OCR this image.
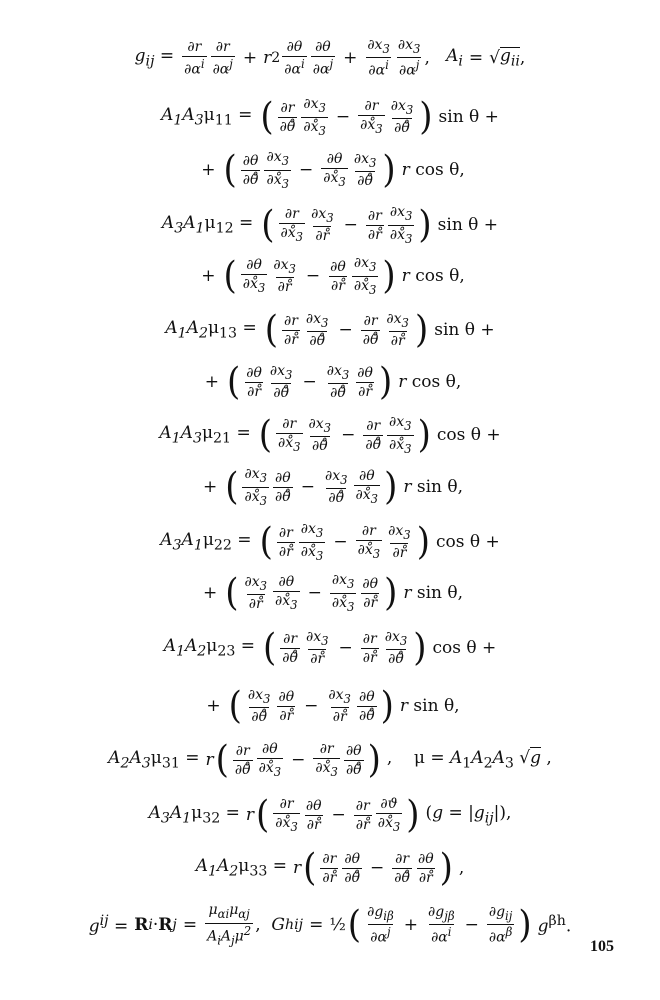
$g_{ij} = \frac{\partial r}{\partial\alpha^i} \frac{\partial r}{\partial\alpha^j} + r$ $2 \frac{\partial\theta}{\partial\alpha^i} \frac{\partial\theta}{\partial\alpha^j} + \frac{\partial x_3}{\partial\alpha^i} \frac{\partial x_3}{\partial\alpha^j}$ , $A_i$ = √ $g_{ii}$ ,
$A_1A_3\mu_{11}$ = ( $\frac{\partial r}{\partial\thetå} \frac{\partial x_3}{\partial x̊_3} - \frac{\partial r}{\partial x̊_3} \frac{\partial x_3}{\partial\thetå}$ ) sin θ +
+ ( $\frac{\partial\theta}{\partial\thetå} \frac{\partial x_3}{\partial x̊_3} - \frac{\partial\theta}{\partial x̊_3} \frac{\partial x_3}{\partial\thetå}$ ) r cos θ,
$A_3A_1\mu_{12}$ = ( $\frac{\partial r}{\partial x̊_3} \frac{\partial x_3}{\partial r̊} - \frac{\partial r}{\partial r̊} \frac{\partial x_3}{\partial x̊_3}$ ) sin θ +
+ ( $\frac{\partial\theta}{\partial x̊_3} \frac{\partial x_3}{\partial r̊} - \frac{\partial\theta}{\partial r̊} \frac{\partial x_3}{\partial x̊_3}$ ) r cos θ,
$A_1A_2\mu_{13}$ = ( $\frac{\partial r}{\partial r̊} \frac{\partial x_3}{\partial\thetå} - \frac{\partial r}{\partial\thetå} \frac{\partial x_3}{\partial r̊}$ ) sin θ +
+ ( $\frac{\partial\theta}{\partial r̊} \frac{\partial x_3}{\partial\thetå} - \frac{\partial x_3}{\partial\thetå} \frac{\partial\theta}{\partial r̊}$ ) r cos θ,
$A_1A_3\mu_{21}$ = ( $\frac{\partial r}{\partial x̊_3} \frac{\partial x_3}{\partial\thetå} - \frac{\partial r}{\partial\thetå} \frac{\partial x_3}{\partial x̊_3}$ ) cos θ +
+ ( $\frac{\partial x_3}{\partial x̊_3} \frac{\partial\theta}{\partial\thetå} - \frac{\partial x_3}{\partial\thetå} \frac{\partial\theta}{\partial x̊_3}$ ) r sin θ,
$A_3A_1\mu_{22}$ = ( $\frac{\partial r}{\partial r̊} \frac{\partial x_3}{\partial x̊_3} - \frac{\partial r}{\partial x̊_3} \frac{\partial x_3}{\partial r̊}$ ) cos θ +
+ ( $\frac{\partial x_3}{\partial r̊} \frac{\partial\theta}{\partial x̊_3} - \frac{\partial x_3}{\partial x̊_3} \frac{\partial\theta}{\partial r̊}$ ) r sin θ,
$A_1A_2\mu_{23}$ = ( $\frac{\partial r}{\partial\thetå} \frac{\partial x_3}{\partial r̊} - \frac{\partial r}{\partial r̊} \frac{\partial x_3}{\partial\thetå}$ ) cos θ +
+ ( $\frac{\partial x_3}{\partial\thetå} \frac{\partial\theta}{\partial r̊} - \frac{\partial x_3}{\partial r̊} \frac{\partial\theta}{\partial\thetå}$ ) r sin θ,
$A_2A_3\mu_{31} = r$ ( $\frac{\partial r}{\partial\thetå} \frac{\partial\theta}{\partial x̊_3} - \frac{\partial r}{\partial x̊_3} \frac{\partial\theta}{\partial\thetå}$ ) ,    $\mu = A_1A_2A_3$ √g ,
$A_3A_1\mu_{32} = r$ ( $\frac{\partial r}{\partial x̊_3} \frac{\partial\theta}{\partial r̊} - \frac{\partial r}{\partial r̊} \frac{\partial ϑ}{\partial x̊_3}$ ) $(g = |g_{ij}|)$,
$A_1A_2\mu_{33} = r$ ( $\frac{\partial r}{\partial r̊} \frac{\partial\theta}{\partial\thetå} - \frac{\partial r}{\partial\thetå} \frac{\partial\theta}{\partial r̊}$ ) ,
$g^{ij} = R$ i · R $j = \frac{\mu_{\alpha i}\mu_{\alpha j}}{A_iA_j\mu^2}$ , G h ij = ½ ( $\frac{\partial g_{i\beta}}{\partial\alpha^j} + \frac{\partial g_{j\beta}}{\partial\alpha^i} - \frac{\partial g_{ij}}{\partial\alpha^\beta}$ ) $g^{\beta h}$.
105
